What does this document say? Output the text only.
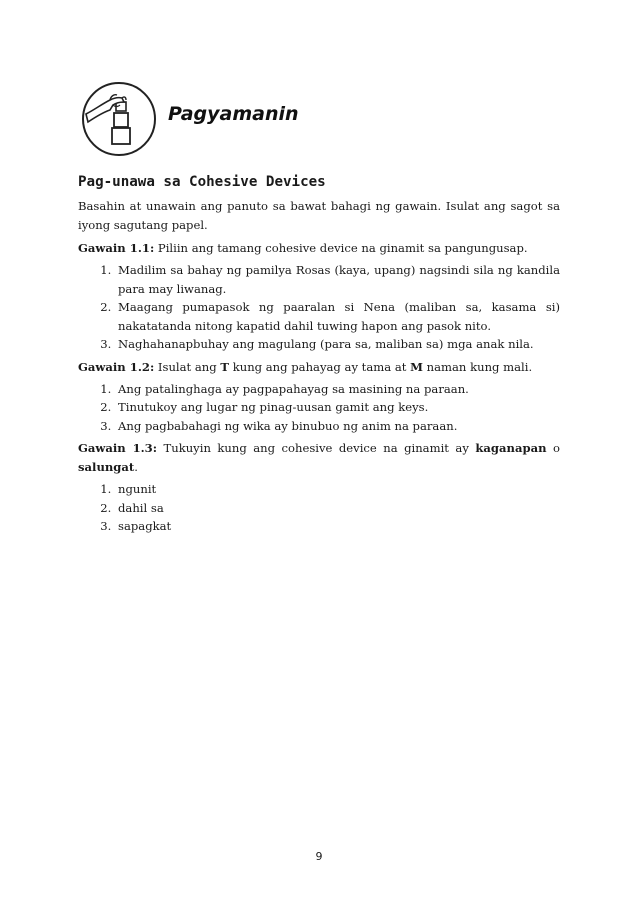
Pagyamanin
Pag-unawa sa Cohesive Devices

Basahin at unawain ang panuto sa bawat bahagi ng gawain. Isulat ang sagot sa iyong sagutang papel.

Gawain 1.1: Piliin ang tamang cohesive device na ginamit sa pangungusap.

1. Madilim sa bahay ng pamilya Rosas (kaya, upang) nagsindi sila ng kandila para may liwanag.
2. Maagang pumapasok ng paaralan si Nena (maliban sa, kasama si) nakatatanda nitong kapatid dahil tuwing hapon ang pasok nito.
3. Naghahanapbuhay ang magulang (para sa, maliban sa) mga anak nila.

Gawain 1.2: Isulat ang T kung ang pahayag ay tama at M naman kung mali.

1. Ang patalinghaga ay pagpapahayag sa masining na paraan.
2. Tinutukoy ang lugar ng pinag-uusan gamit ang keys.
3. Ang pagbabahagi ng wika ay binubuo ng anim na paraan.

Gawain 1.3: Tukuyin kung ang cohesive device na ginamit ay kaganapan o salungat.

1. ngunit
2. dahil sa
3. sapagkat
9
